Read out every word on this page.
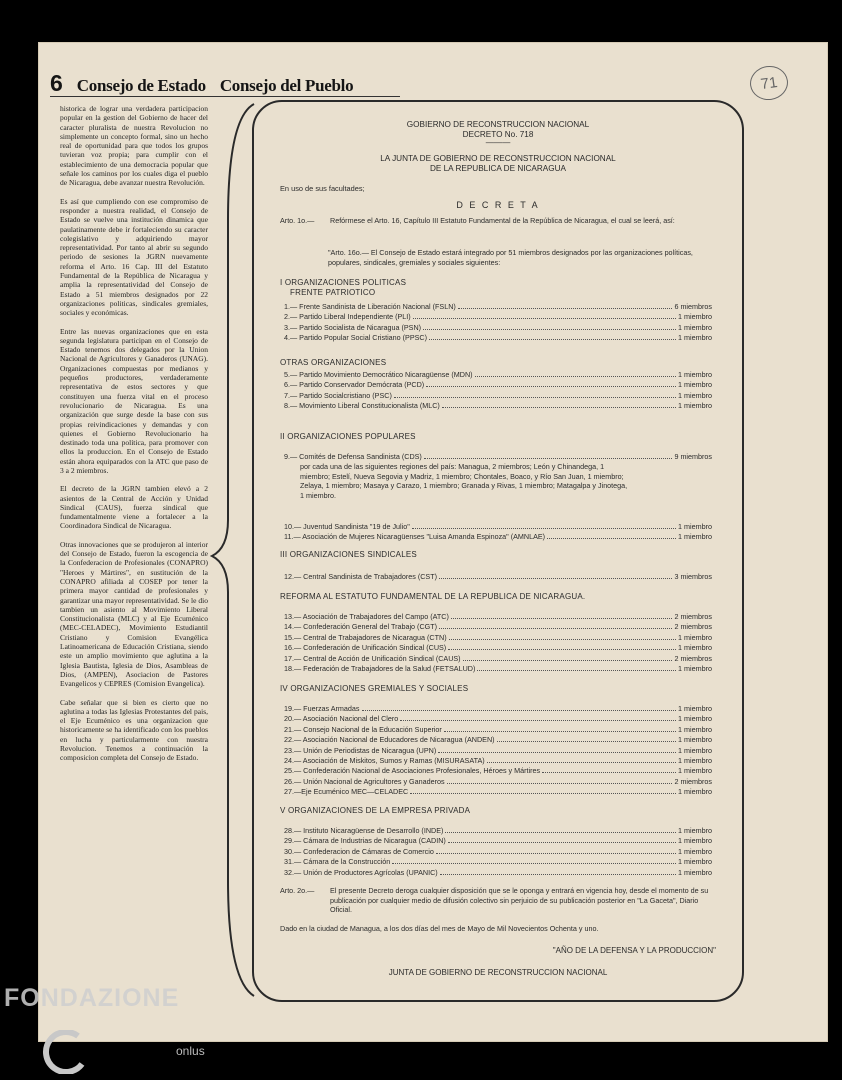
6 Consejo de Estado Consejo del Pueblo	71

historica de lograr una verdadera participacion popular en la gestion del Gobierno de hacer del caracter pluralista de nuestra Revolucion no simplemente un concepto formal, sino un hecho real de oportunidad para que todos los grupos tuvieran voz propia; para cumplir con el establecimiento de una democracia popular que señale los caminos por los cuales diga el pueblo de Nicaragua, debe avanzar nuestra Revolución.

Es así que cumpliendo con ese compromiso de responder a nuestra realidad, el Consejo de Estado se vuelve una institución dinamica que paulatinamente debe ir fortaleciendo su caracter colegislativo y adquiriendo mayor representatividad. Por tanto al abrir su segundo periodo de sesiones la JGRN nuevamente reforma el Arto. 16 Cap. III del Estatuto Fundamental de la República de Nicaragua y amplia la representatividad del Consejo de Estado a 51 miembros designados por 22 organizaciones politicas, sindicales gremiales, sociales y económicas.

Entre las nuevas organizaciones que en esta segunda legislatura participan en el Consejo de Estado tenemos dos delegados por la Union Nacional de Agricultores y Ganaderos (UNAG). Organizaciones compuestas por medianos y pequeños productores, verdaderamente representativa de estos sectores y que constituyen una fuerza vital en el proceso revolucionario de Nicaragua. Es una organización que surge desde la base con sus propias reivindicaciones y demandas y con quienes el Gobierno Revolucionario ha destinado toda una política, para promover con ellos la produccion. En el Consejo de Estado están ahora equiparados con la ATC que paso de 3 a 2 miembros.

El decreto de la JGRN tambien elevó a 2 asientos de la Central de Acción y Unidad Sindical (CAUS), fuerza sindical que fundamentalmente viene a fortalecer a la Coordinadora Sindical de Nicaragua.

Otras innovaciones que se produjeron al interior del Consejo de Estado, fueron la escogencia de la Confederacion de Profesionales (CONAPRO) "Heroes y Mártires", en sustitución de la CONAPRO afiliada al COSEP por tener la primera mayor cantidad de profesionales y garantizar una mayor representatividad. Se le dio tambien un asiento al Movimiento Liberal Constitucionalista (MLC) y al Eje Ecuménico (MEC-CELADEC), Movimiento Estudiantil Cristiano y Comision Evangélica Latinoamericana de Educación Cristiana, siendo este un amplio movimiento que aglutina a la Iglesia Bautista, Iglesia de Dios, Asambleas de Dios, (AMPEN), Asociacion de Pastores Evangelicos y CEPRES (Comision Evangelica).

Cabe señalar que si bien es cierto que no aglutina a todas las Iglesias Protestantes del pais, el Eje Ecuménico es una organizacion que historicamente se ha identificado con los pueblos en lucha y particularmente con nuestra Revolucion. Tenemos a continuación la composicion completa del Consejo de Estado.

GOBIERNO DE RECONSTRUCCION NACIONAL
DECRETO No. 718
———
LA JUNTA DE GOBIERNO DE RECONSTRUCCION NACIONAL
DE LA REPUBLICA DE NICARAGUA
En uso de sus facultades;
D E C R E T A
Arto. 1o.—	Refórmese el Arto. 16, Capítulo III Estatuto Fundamental de la República de Nicaragua, el cual se leerá, así:
"Arto. 16o.— El Consejo de Estado estará integrado por 51 miembros designados por las organizaciones políticas, populares, sindicales, gremiales y sociales siguientes:
I ORGANIZACIONES POLITICAS
FRENTE PATRIOTICO
1.— Frente Sandinista de Liberación Nacional (FSLN)	6 miembros
2.— Partido Liberal Independiente (PLI)	1 miembro
3.— Partido Socialista de Nicaragua (PSN)	1 miembro
4.— Partido Popular Social Cristiano (PPSC)	1 miembro
OTRAS ORGANIZACIONES
5.— Partido Movimiento Democrático Nicaragüense (MDN)	1 miembro
6.— Partido Conservador Demócrata (PCD)	1 miembro
7.— Partido Socialcristiano (PSC)	1 miembro
8.— Movimiento Liberal Constitucionalista (MLC)	1 miembro
II ORGANIZACIONES POPULARES
9.— Comités de Defensa Sandinista (CDS)	9 miembros
por cada una de las siguientes regiones del país: Managua, 2 miembros; León y Chinandega, 1 miembro; Estelí, Nueva Segovia y Madriz, 1 miembro; Chontales, Boaco, y Río San Juan, 1 miembro; Zelaya, 1 miembro; Masaya y Carazo, 1 miembro; Granada y Rivas, 1 miembro; Matagalpa y Jinotega, 1 miembro.
10.— Juventud Sandinista "19 de Julio"	1 miembro
11.— Asociación de Mujeres Nicaragüenses "Luisa Amanda Espinoza" (AMNLAE)	1 miembro
III ORGANIZACIONES SINDICALES
12.— Central Sandinista de Trabajadores (CST)	3 miembros
REFORMA AL ESTATUTO FUNDAMENTAL DE LA REPUBLICA DE NICARAGUA.
13.— Asociación de Trabajadores del Campo (ATC)	2 miembros
14.— Confederación General del Trabajo (CGT)	2 miembros
15.— Central de Trabajadores de Nicaragua (CTN)	1 miembro
16.— Confederación de Unificación Sindical (CUS)	1 miembro
17.— Central de Acción de Unificación Sindical (CAUS)	2 miembros
18.— Federación de Trabajadores de la Salud (FETSALUD)	1 miembro
IV ORGANIZACIONES GREMIALES Y SOCIALES
19.— Fuerzas Armadas	1 miembro
20.— Asociación Nacional del Clero	1 miembro
21.— Consejo Nacional de la Educación Superior	1 miembro
22.— Asociación Nacional de Educadores de Nicaragua (ANDEN)	1 miembro
23.— Unión de Periodistas de Nicaragua (UPN)	1 miembro
24.— Asociación de Miskitos, Sumos y Ramas (MISURASATA)	1 miembro
25.— Confederación Nacional de Asociaciones Profesionales, Héroes y Mártires	1 miembro
26.— Unión Nacional de Agricultores y Ganaderos	2 miembros
27.—Eje Ecuménico MEC—CELADEC	1 miembro
V ORGANIZACIONES DE LA EMPRESA PRIVADA
28.— Instituto Nicaragüense de Desarrollo (INDE)	1 miembro
29.— Cámara de Industrias de Nicaragua (CADIN)	1 miembro
30.— Confederacion de Cámaras de Comercio	1 miembro
31.— Cámara de la Construcción	1 miembro
32.— Unión de Productores Agrícolas (UPANIC)	1 miembro
Arto. 2o.—	El presente Decreto deroga cualquier disposición que se le oponga y entrará en vigencia hoy, desde el momento de su publicación por cualquier medio de difusión colectivo sin perjuicio de su publicación posterior en "La Gaceta", Diario Oficial.
Dado en la ciudad de Managua, a los dos días del mes de Mayo de Mil Novecientos Ochenta y uno.
"AÑO DE LA DEFENSA Y LA PRODUCCION"
JUNTA DE GOBIERNO DE RECONSTRUCCION NACIONAL
FONDAZIONE
onlus
